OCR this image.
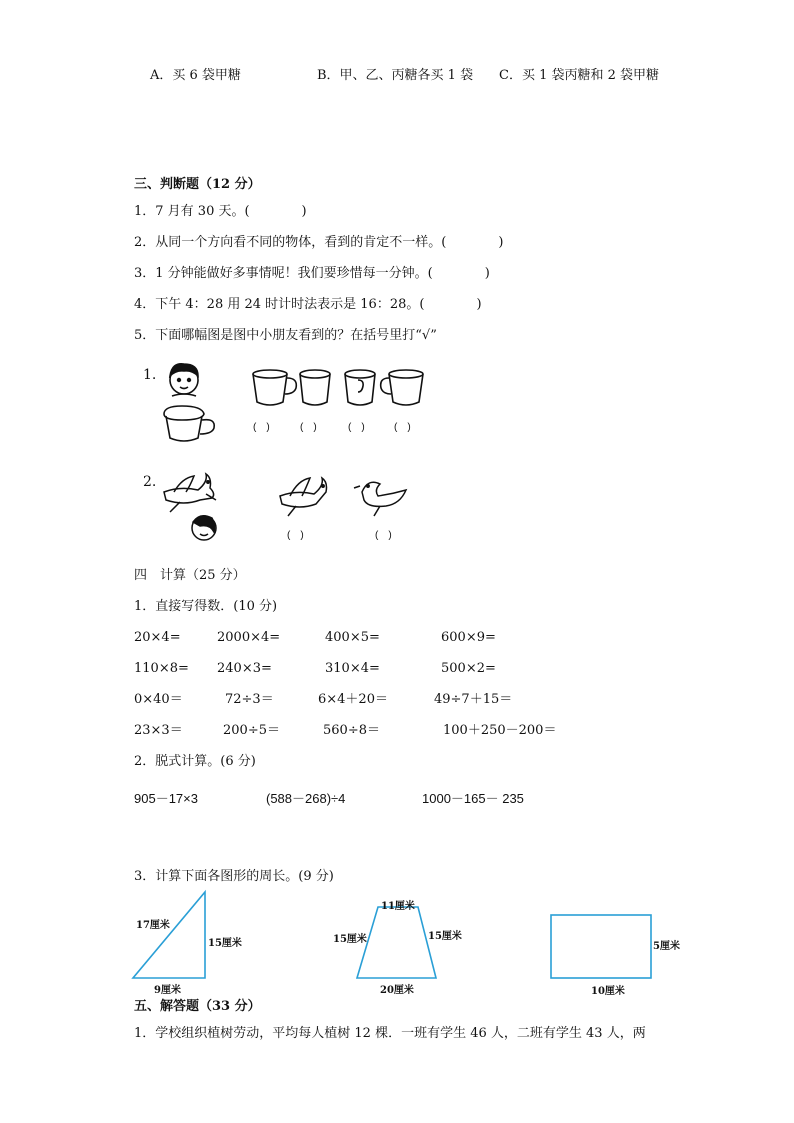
A．买 6 袋甲糖	B．甲、乙、丙糖各买 1 袋 C．买 1 袋丙糖和 2 袋甲糖
三、判断题（12 分）
1．7 月有 30 天。(　　　　)
2．从同一个方向看不同的物体，看到的肯定不一样。(　　　　)
3．1 分钟能做好多事情呢！我们要珍惜每一分钟。(　　　　)
4．下午 4：28 用 24 时计时法表示是 16：28。(　　　　)
5．下面哪幅图是图中小朋友看到的？在括号里打“√”
1.
(　)	(　)	(　)	(　)
2.
(　)	(　)
四　计算（25 分）
1．直接写得数．(10 分)
20×4=	2000×4=	400×5=	600×9=
110×8= 240×3=	310×4=	500×2=
0×40＝	72÷3＝	6×4＋20＝	49÷7＋15＝
23×3＝	200÷5＝	560÷8＝	100＋250－200＝
2．脱式计算。(6 分)
905－17×3	(588－268)÷4	1000－165－ 235
3．计算下面各图形的周长。(9 分)
17厘米
15厘米
9厘米
11厘米
15厘米	15厘米
20厘米
5厘米
10厘米
五、解答题（33 分）
1．学校组织植树劳动，平均每人植树 12 棵．一班有学生 46 人，二班有学生 43 人，两
